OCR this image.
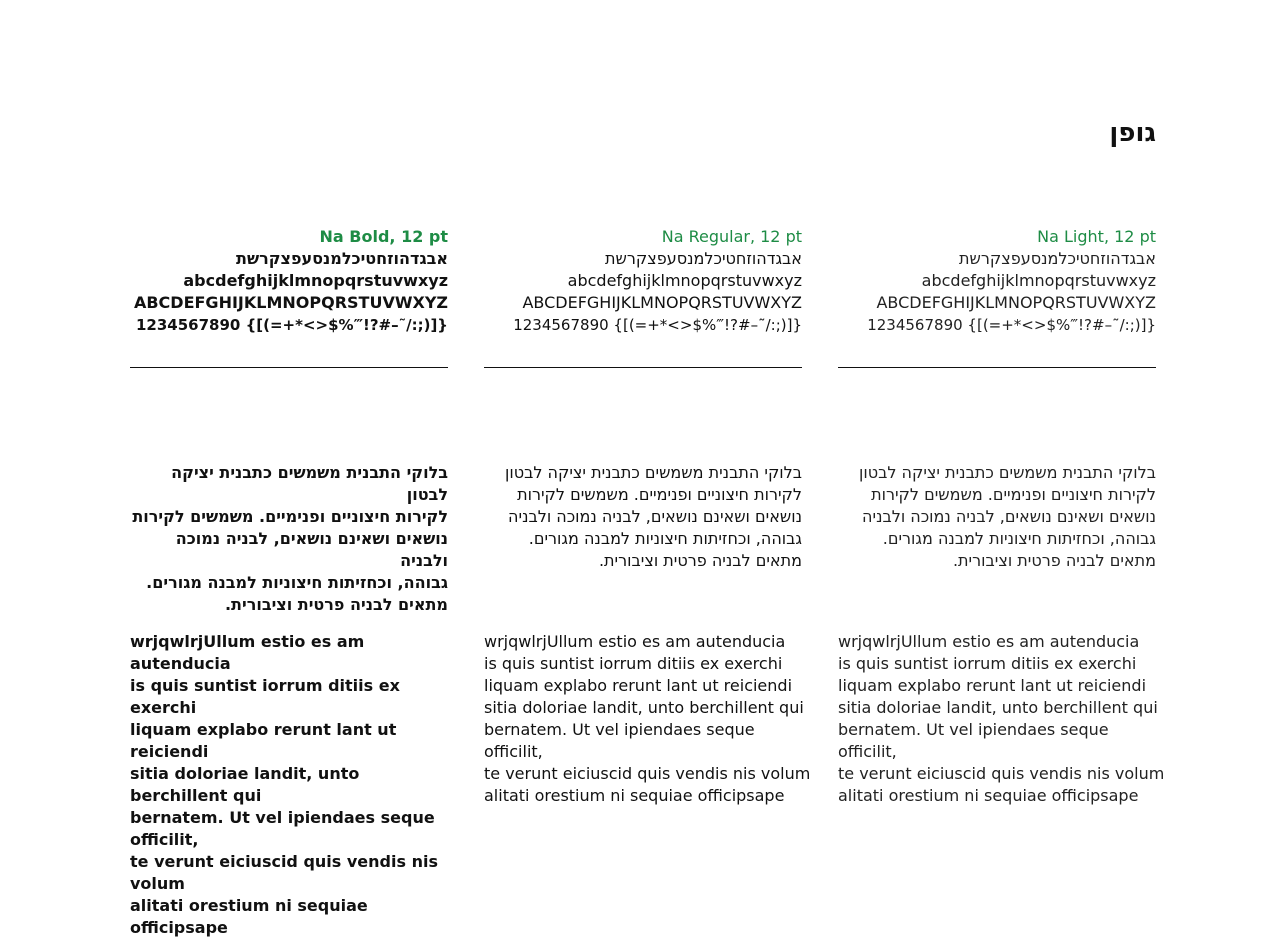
גופן
Na Bold, 12 pt
אבגדהוזחטיכלמנסעפצקרשת
abcdefghijklmnopqrstuvwxyz
ABCDEFGHIJKLMNOPQRSTUVWXYZ
1234567890 {[(=+*<>$%‴!?#–˜/:;)]}
בלוקי התבנית משמשים כתבנית יציקה לבטון
לקירות חיצוניים ופנימיים. משמשים לקירות
נושאים ושאינם נושאים, לבניה נמוכה ולבניה
גבוהה, וכחזיתות חיצוניות למבנה מגורים.
מתאים לבניה פרטית וציבורית.
wrjqwlrjUllum estio es am autenducia
is quis suntist iorrum ditiis ex exerchi
liquam explabo rerunt lant ut reiciendi
sitia doloriae landit, unto berchillent qui
bernatem. Ut vel ipiendaes seque officilit,
te verunt eiciuscid quis vendis nis volum
alitati orestium ni sequiae officipsape
Na Regular, 12 pt
אבגדהוזחטיכלמנסעפצקרשת
abcdefghijklmnopqrstuvwxyz
ABCDEFGHIJKLMNOPQRSTUVWXYZ
1234567890 {[(=+*<>$%‴!?#–˜/:;)]}
בלוקי התבנית משמשים כתבנית יציקה לבטון
לקירות חיצוניים ופנימיים. משמשים לקירות
נושאים ושאינם נושאים, לבניה נמוכה ולבניה
גבוהה, וכחזיתות חיצוניות למבנה מגורים.
מתאים לבניה פרטית וציבורית.
wrjqwlrjUllum estio es am autenducia
is quis suntist iorrum ditiis ex exerchi
liquam explabo rerunt lant ut reiciendi
sitia doloriae landit, unto berchillent qui
bernatem. Ut vel ipiendaes seque officilit,
te verunt eiciuscid quis vendis nis volum
alitati orestium ni sequiae officipsape
Na Light, 12 pt
אבגדהוזחטיכלמנסעפצקרשת
abcdefghijklmnopqrstuvwxyz
ABCDEFGHIJKLMNOPQRSTUVWXYZ
1234567890 {[(=+*<>$%‴!?#–˜/:;)]}
בלוקי התבנית משמשים כתבנית יציקה לבטון
לקירות חיצוניים ופנימיים. משמשים לקירות
נושאים ושאינם נושאים, לבניה נמוכה ולבניה
גבוהה, וכחזיתות חיצוניות למבנה מגורים.
מתאים לבניה פרטית וציבורית.
wrjqwlrjUllum estio es am autenducia
is quis suntist iorrum ditiis ex exerchi
liquam explabo rerunt lant ut reiciendi
sitia doloriae landit, unto berchillent qui
bernatem. Ut vel ipiendaes seque officilit,
te verunt eiciuscid quis vendis nis volum
alitati orestium ni sequiae officipsape
